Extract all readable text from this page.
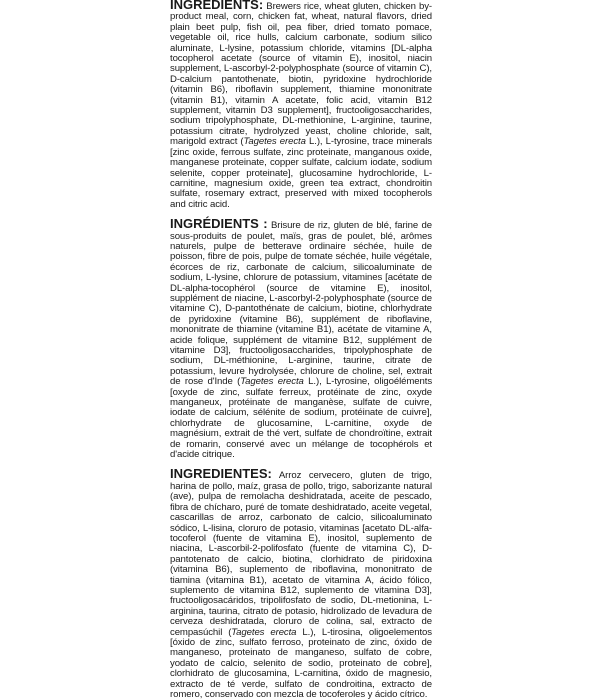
INGREDIENTS: Brewers rice, wheat gluten, chicken by-product meal, corn, chicken fat, wheat, natural flavors, dried plain beet pulp, fish oil, pea fiber, dried tomato pomace, vegetable oil, rice hulls, calcium carbonate, sodium silico aluminate, L-lysine, potassium chloride, vitamins [DL-alpha tocopherol acetate (source of vitamin E), inositol, niacin supplement, L-ascorbyl-2-polyphosphate (source of vitamin C), D-calcium pantothenate, biotin, pyridoxine hydrochloride (vitamin B6), riboflavin supplement, thiamine mononitrate (vitamin B1), vitamin A acetate, folic acid, vitamin B12 supplement, vitamin D3 supplement], fructooligosaccharides, sodium tripolyphosphate, DL-methionine, L-arginine, taurine, potassium citrate, hydrolyzed yeast, choline chloride, salt, marigold extract (Tagetes erecta L.), L-tyrosine, trace minerals [zinc oxide, ferrous sulfate, zinc proteinate, manganous oxide, manganese proteinate, copper sulfate, calcium iodate, sodium selenite, copper proteinate], glucosamine hydrochloride, L-carnitine, magnesium oxide, green tea extract, chondroitin sulfate, rosemary extract, preserved with mixed tocopherols and citric acid.

INGRÉDIENTS : Brisure de riz, gluten de blé, farine de sous-produits de poulet, maïs, gras de poulet, blé, arômes naturels, pulpe de betterave ordinaire séchée, huile de poisson, fibre de pois, pulpe de tomate séchée, huile végétale, écorces de riz, carbonate de calcium, silicoaluminate de sodium, L-lysine, chlorure de potassium, vitamines [acétate de DL-alpha-tocophérol (source de vitamine E), inositol, supplément de niacine, L-ascorbyl-2-polyphosphate (source de vitamine C), D-pantothénate de calcium, biotine, chlorhydrate de pyridoxine (vitamine B6), supplément de riboflavine, mononitrate de thiamine (vitamine B1), acétate de vitamine A, acide folique, supplément de vitamine B12, supplément de vitamine D3], fructooligosaccharides, tripolyphosphate de sodium, DL-méthionine, L-arginine, taurine, citrate de potassium, levure hydrolysée, chlorure de choline, sel, extrait de rose d'Inde (Tagetes erecta L.), L-tyrosine, oligoéléments [oxyde de zinc, sulfate ferreux, protéinate de zinc, oxyde manganeux, protéinate de manganèse, sulfate de cuivre, iodate de calcium, sélénite de sodium, protéinate de cuivre], chlorhydrate de glucosamine, L-carnitine, oxyde de magnésium, extrait de thé vert, sulfate de chondroïtine, extrait de romarin, conservé avec un mélange de tocophérols et d'acide citrique.

INGREDIENTES: Arroz cervecero, gluten de trigo, harina de pollo, maíz, grasa de pollo, trigo, saborizante natural (ave), pulpa de remolacha deshidratada, aceite de pescado, fibra de chícharo, puré de tomate deshidratado, aceite vegetal, cascarillas de arroz, carbonato de calcio, silicoaluminato sódico, L-lisina, cloruro de potasio, vitaminas [acetato DL-alfa-tocoferol (fuente de vitamina E), inositol, suplemento de niacina, L-ascorbil-2-polifosfato (fuente de vitamina C), D-pantotenato de calcio, biotina, clorhidrato de piridoxina (vitamina B6), suplemento de riboflavina, mononitrato de tiamina (vitamina B1), acetato de vitamina A, ácido fólico, suplemento de vitamina B12, suplemento de vitamina D3], fructooligosacáridos, tripolifosfato de sodio, DL-metionina, L-arginina, taurina, citrato de potasio, hidrolizado de levadura de cerveza deshidratada, cloruro de colina, sal, extracto de cempasúchil (Tagetes erecta L.), L-tirosina, oligoelementos [óxido de zinc, sulfato ferroso, proteinato de zinc, óxido de manganeso, proteinato de manganeso, sulfato de cobre, yodato de calcio, selenito de sodio, proteinato de cobre], clorhidrato de glucosamina, L-carnitina, óxido de magnesio, extracto de té verde, sulfato de condroitina, extracto de romero, conservado con mezcla de tocoferoles y ácido cítrico.
